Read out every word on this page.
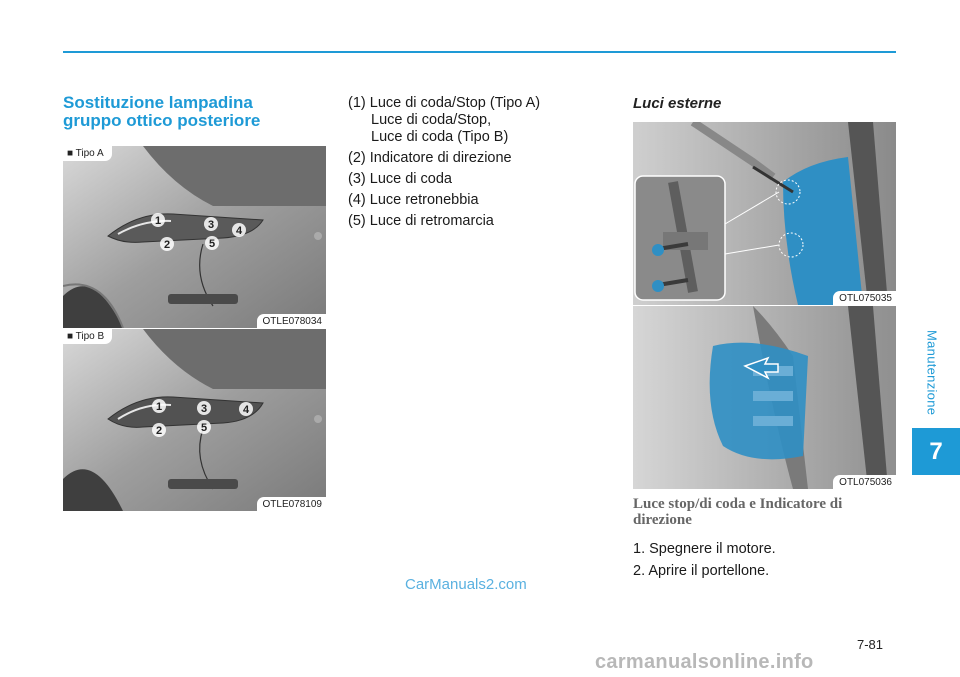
Manutenzione
7
Sostituzione lampadina gruppo ottico posteriore
1
2
3 4
5
■ Tipo A
OTLE078034
1
2
3	4
5
■ Tipo B
OTLE078109
(1) Luce di coda/Stop (Tipo A)
Luce di coda/Stop,
Luce di coda (Tipo B)
(2) Indicatore di direzione
(3) Luce di coda
(4) Luce retronebbia
(5) Luce di retromarcia
Luci esterne
OTL075035
OTL075036
Luce stop/di coda e Indicatore di direzione
1. Spegnere il motore.
2. Aprire il portellone.
CarManuals2.com
7-81
carmanualsonline.info
